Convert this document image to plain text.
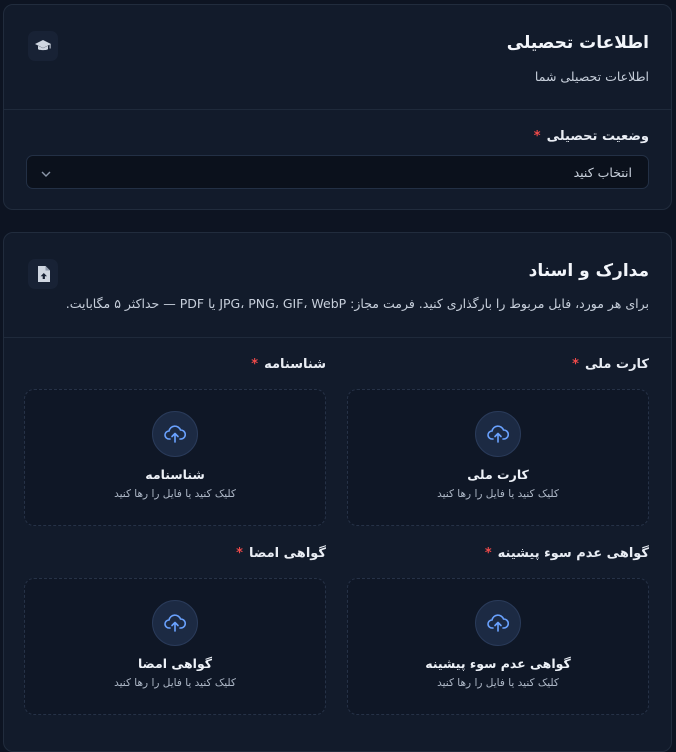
اطلاعات تحصیلی

اطلاعات تحصیلی شما

وضعیت تحصیلی*
انتخاب کنید
مدارک و اسناد

برای هر مورد، فایل مربوط را بارگذاری کنید. فرمت مجاز: JPG، PNG، GIF، WebP یا PDF — حداکثر ۵ مگابایت.

کارت ملی*
کارت ملی
کلیک کنید یا فایل را رها کنید
شناسنامه*
شناسنامه
کلیک کنید یا فایل را رها کنید
گواهی عدم سوء پیشینه*
گواهی عدم سوء پیشینه
کلیک کنید یا فایل را رها کنید
گواهی امضا*
گواهی امضا
کلیک کنید یا فایل را رها کنید
